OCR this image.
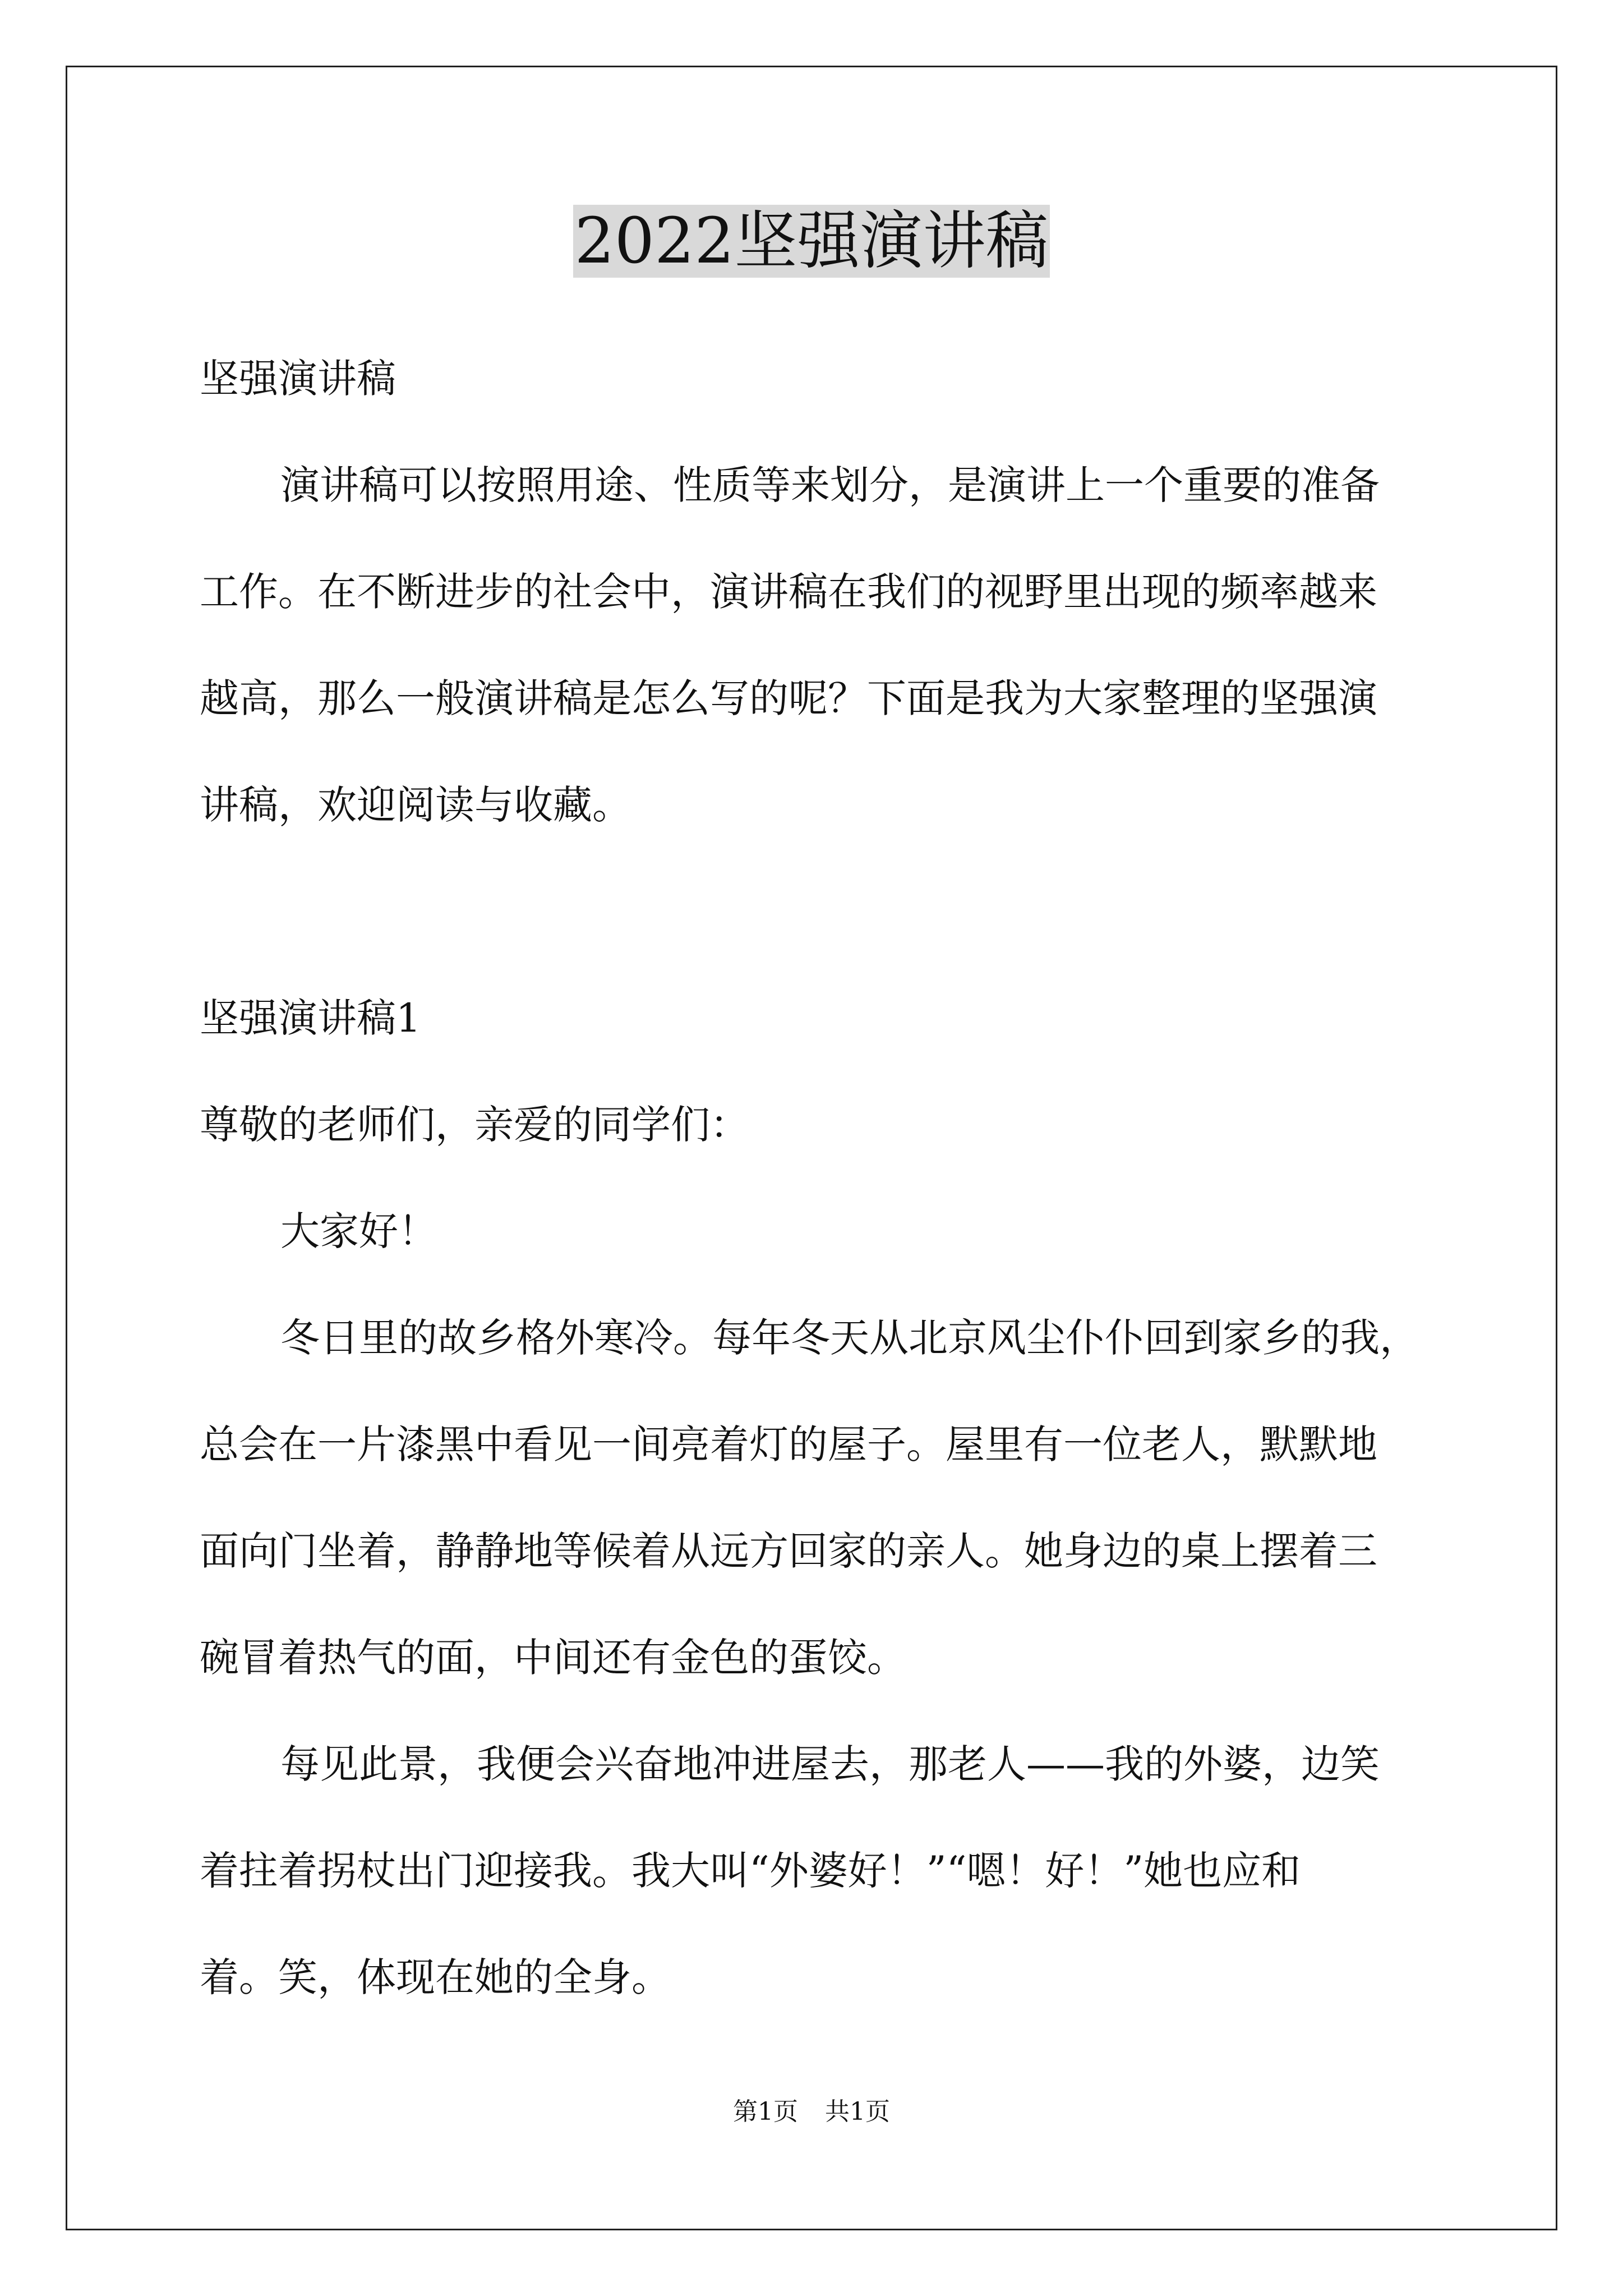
2022坚强演讲稿
坚强演讲稿
演讲稿可以按照用途、性质等来划分，是演讲上一个重要的准备
工作。在不断进步的社会中，演讲稿在我们的视野里出现的频率越来
越高，那么一般演讲稿是怎么写的呢？下面是我为大家整理的坚强演
讲稿，欢迎阅读与收藏。
坚强演讲稿1
尊敬的老师们，亲爱的同学们：
大家好！
冬日里的故乡格外寒冷。每年冬天从北京风尘仆仆回到家乡的我，
总会在一片漆黑中看见一间亮着灯的屋子。屋里有一位老人，默默地
面向门坐着，静静地等候着从远方回家的亲人。她身边的桌上摆着三
碗冒着热气的面，中间还有金色的蛋饺。
每见此景，我便会兴奋地冲进屋去，那老人——我的外婆，边笑
着拄着拐杖出门迎接我。我大叫“外婆好！”“嗯！好！”她也应和
着。笑，体现在她的全身。
第1页 共1页
